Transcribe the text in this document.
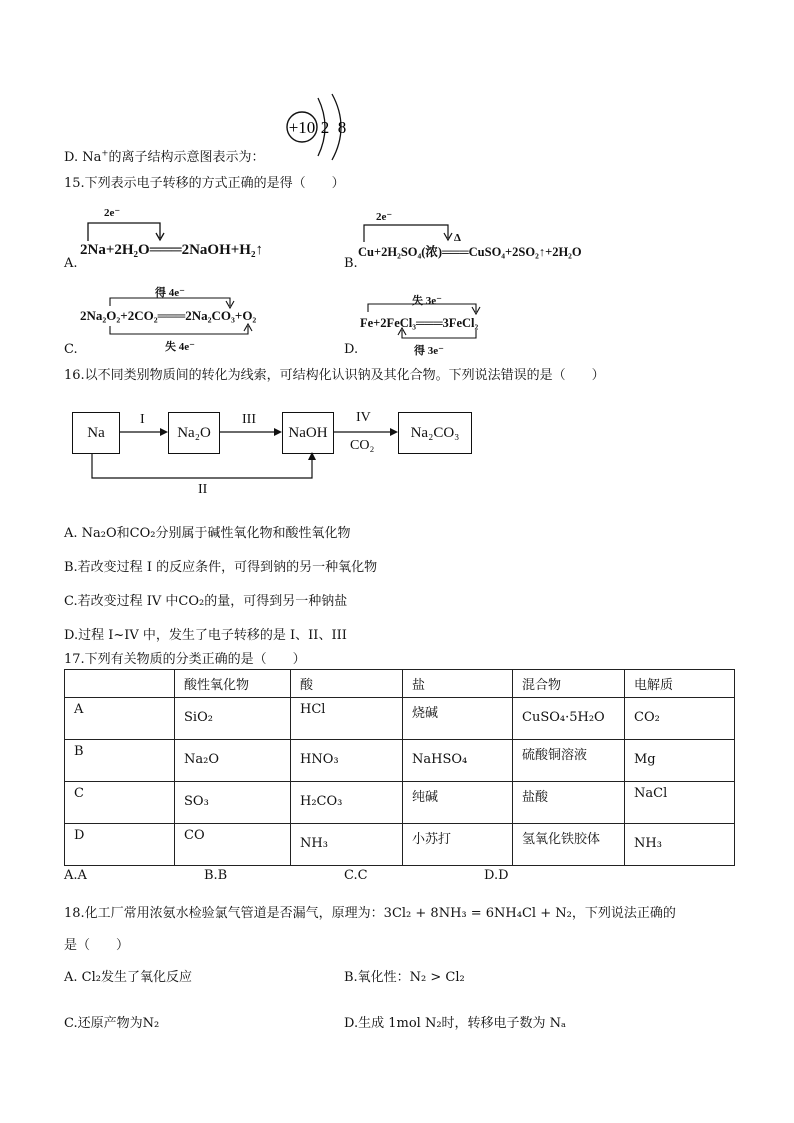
D. Na+的离子结构示意图表示为：
+10 2 8
15.下列表示电子转移的方式正确的是得（　　）
2e⁻
2Na+2H₂O═══2NaOH+H₂↑
A.
2e⁻
Δ
Cu+2H₂SO₄(浓)═══CuSO₄+2SO₂↑+2H₂O
B.
得 4e⁻
2Na₂O₂+2CO₂═══2Na₂CO₃+O₂
失 4e⁻
C.
失 3e⁻
Fe+2FeCl₃═══3FeCl₂
得 3e⁻
D.
16.以不同类别物质间的转化为线索，可结构化认识钠及其化合物。下列说法错误的是（　　）
Na	Na₂O	NaOH	Na₂CO₃
I	III	IV
CO₂
II
A. Na₂O和CO₂分别属于碱性氧化物和酸性氧化物
B.若改变过程 I 的反应条件，可得到钠的另一种氧化物
C.若改变过程 IV 中CO₂的量，可得到另一种钠盐
D.过程 I~IV 中，发生了电子转移的是 I、II、III
17.下列有关物质的分类正确的是（　　）
	酸性氧化物	酸	盐	混合物	电解质
A	SiO₂	HCl	烧碱	CuSO₄·5H₂O	CO₂
B	Na₂O	HNO₃	NaHSO₄	硫酸铜溶液	Mg
C	SO₃	H₂CO₃	纯碱	盐酸	NaCl
D	CO	NH₃	小苏打	氢氧化铁胶体	NH₃
A.A	B.B	C.C	D.D
18.化工厂常用浓氨水检验氯气管道是否漏气，原理为：3Cl₂ + 8NH₃ = 6NH₄Cl + N₂，下列说法正确的
是（　　）
A. Cl₂发生了氧化反应	B.氧化性：N₂ > Cl₂
C.还原产物为N₂	D.生成 1mol N₂时，转移电子数为 Nₐ
